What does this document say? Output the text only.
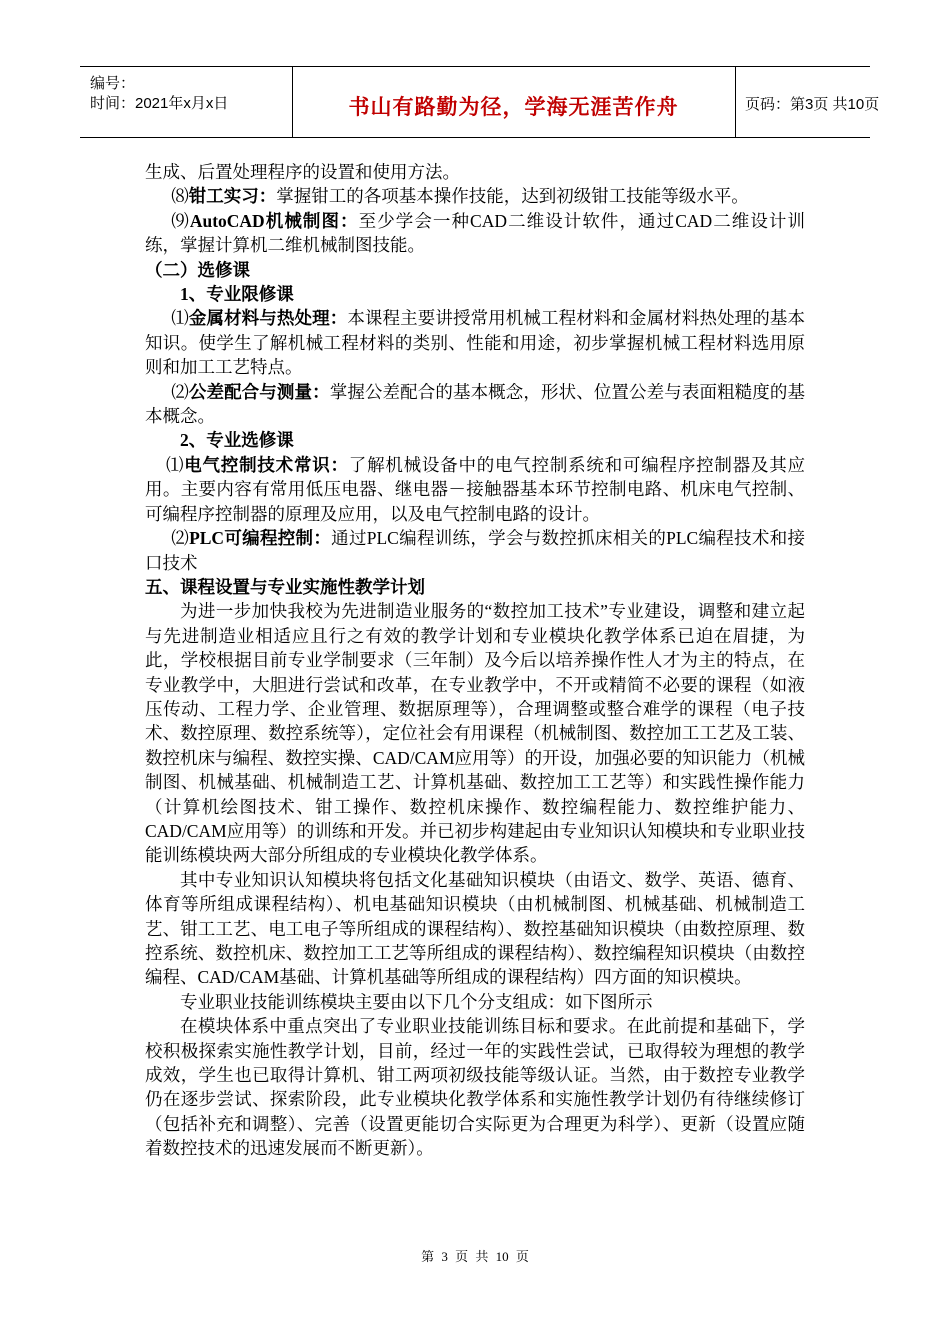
编号：
时间：2021年x月x日	书山有路勤为径，学海无涯苦作舟	页码：第3页 共10页

生成、后置处理程序的设置和使用方法。

⑻钳工实习：掌握钳工的各项基本操作技能，达到初级钳工技能等级水平。

⑼AutoCAD机械制图：至少学会一种CAD二维设计软件，通过CAD二维设计训练，掌握计算机二维机械制图技能。

（二）选修课

1、专业限修课

⑴金属材料与热处理：本课程主要讲授常用机械工程材料和金属材料热处理的基本知识。使学生了解机械工程材料的类别、性能和用途，初步掌握机械工程材料选用原则和加工工艺特点。

⑵公差配合与测量：掌握公差配合的基本概念，形状、位置公差与表面粗糙度的基本概念。

2、专业选修课

⑴电气控制技术常识：了解机械设备中的电气控制系统和可编程序控制器及其应用。主要内容有常用低压电器、继电器－接触器基本环节控制电路、机床电气控制、可编程序控制器的原理及应用，以及电气控制电路的设计。

⑵PLC可编程控制：通过PLC编程训练，学会与数控抓床相关的PLC编程技术和接口技术

五、课程设置与专业实施性教学计划

为进一步加快我校为先进制造业服务的“数控加工技术”专业建设，调整和建立起与先进制造业相适应且行之有效的教学计划和专业模块化教学体系已迫在眉捷，为此，学校根据目前专业学制要求（三年制）及今后以培养操作性人才为主的特点，在专业教学中，大胆进行尝试和改革，在专业教学中，不开或精简不必要的课程（如液压传动、工程力学、企业管理、数据原理等），合理调整或整合难学的课程（电子技术、数控原理、数控系统等），定位社会有用课程（机械制图、数控加工工艺及工装、数控机床与编程、数控实操、CAD/CAM应用等）的开设，加强必要的知识能力（机械制图、机械基础、机械制造工艺、计算机基础、数控加工工艺等）和实践性操作能力（计算机绘图技术、钳工操作、数控机床操作、数控编程能力、数控维护能力、CAD/CAM应用等）的训练和开发。并已初步构建起由专业知识认知模块和专业职业技能训练模块两大部分所组成的专业模块化教学体系。

其中专业知识认知模块将包括文化基础知识模块（由语文、数学、英语、德育、体育等所组成课程结构）、机电基础知识模块（由机械制图、机械基础、机械制造工艺、钳工工艺、电工电子等所组成的课程结构）、数控基础知识模块（由数控原理、数控系统、数控机床、数控加工工艺等所组成的课程结构）、数控编程知识模块（由数控编程、CAD/CAM基础、计算机基础等所组成的课程结构）四方面的知识模块。

专业职业技能训练模块主要由以下几个分支组成：如下图所示

在模块体系中重点突出了专业职业技能训练目标和要求。在此前提和基础下，学校积极探索实施性教学计划，目前，经过一年的实践性尝试，已取得较为理想的教学成效，学生也已取得计算机、钳工两项初级技能等级认证。当然，由于数控专业教学仍在逐步尝试、探索阶段，此专业模块化教学体系和实施性教学计划仍有待继续修订（包括补充和调整）、完善（设置更能切合实际更为合理更为科学）、更新（设置应随着数控技术的迅速发展而不断更新）。

第 3 页 共 10 页
